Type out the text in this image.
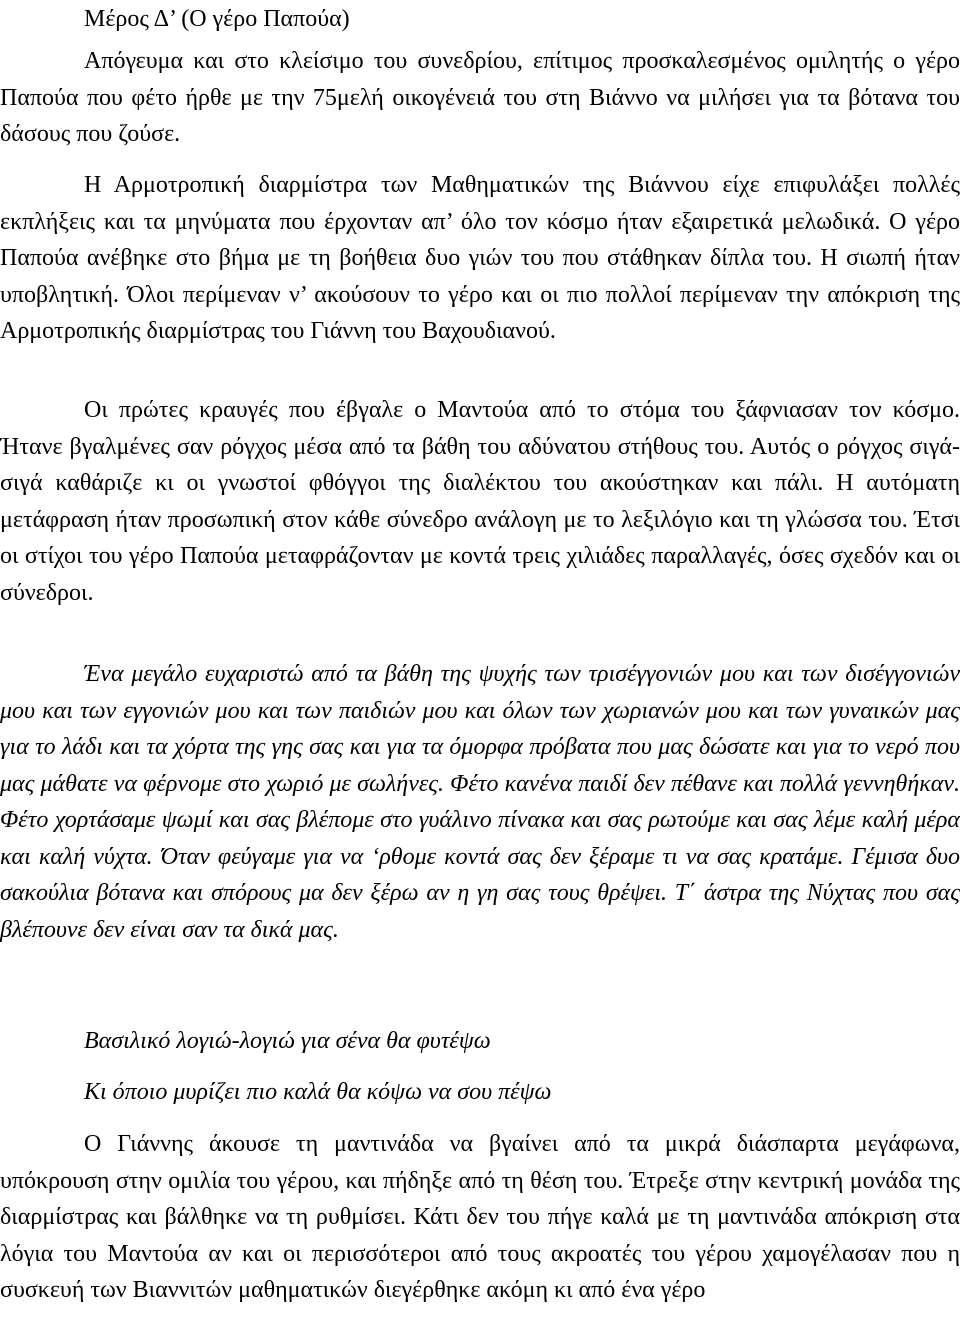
Μέρος Δ’ (Ο γέρο Παπούα)

Απόγευμα και στο κλείσιμο του συνεδρίου, επίτιμος προσκαλεσμένος ομιλητής ο γέρο Παπούα που φέτο ήρθε με την 75μελή οικογένειά του στη Βιάννο να μιλήσει για τα βότανα του δάσους που ζούσε.

Η Αρμοτροπική διαρμίστρα των Μαθηματικών της Βιάννου είχε επιφυλάξει πολλές εκπλήξεις και τα μηνύματα που έρχονταν απ’ όλο τον κόσμο ήταν εξαιρετικά μελωδικά. Ο γέρο Παπούα ανέβηκε στο βήμα με τη βοήθεια δυο γιών του που στάθηκαν δίπλα του. Η σιωπή ήταν υποβλητική. Όλοι περίμεναν ν’ ακούσουν το γέρο και οι πιο πολλοί περίμεναν την απόκριση της Αρμοτροπικής διαρμίστρας του Γιάννη του Βαχουδιανού.

Οι πρώτες κραυγές που έβγαλε ο Μαντούα από το στόμα του ξάφνιασαν τον κόσμο. Ήτανε βγαλμένες σαν ρόγχος μέσα από τα βάθη του αδύνατου στήθους του. Αυτός ο ρόγχος σιγά-σιγά καθάριζε κι οι γνωστοί φθόγγοι της διαλέκτου του ακούστηκαν και πάλι. Η αυτόματη μετάφραση ήταν προσωπική στον κάθε σύνεδρο ανάλογη με το λεξιλόγιο και τη γλώσσα του. Έτσι οι στίχοι του γέρο Παπούα μεταφράζονταν με κοντά τρεις χιλιάδες παραλλαγές, όσες σχεδόν και οι σύνεδροι.

Ένα μεγάλο ευχαριστώ από τα βάθη της ψυχής των τρισέγγονιών μου και των δισέγγονιών μου και των εγγονιών μου και των παιδιών μου και όλων των χωριανών μου και των γυναικών μας για το λάδι και τα χόρτα της γης σας και για τα όμορφα πρόβατα που μας δώσατε και για το νερό που μας μάθατε να φέρνομε στο χωριό με σωλήνες. Φέτο κανένα παιδί δεν πέθανε και πολλά γεννηθήκαν. Φέτο χορτάσαμε ψωμί και σας βλέπομε στο γυάλινο πίνακα και σας ρωτούμε και σας λέμε καλή μέρα και καλή νύχτα. Όταν φεύγαμε για να ‘ρθομε κοντά σας δεν ξέραμε τι να σας κρατάμε. Γέμισα δυο σακούλια βότανα και σπόρους μα δεν ξέρω αν η γη σας τους θρέψει. Τ΄ άστρα της Νύχτας που σας βλέπουνε δεν είναι σαν τα δικά μας.

Βασιλικό λογιώ-λογιώ για σένα θα φυτέψω
Κι όποιο μυρίζει πιο καλά θα κόψω να σου πέψω

Ο Γιάννης άκουσε τη μαντινάδα να βγαίνει από τα μικρά διάσπαρτα μεγάφωνα, υπόκρουση στην ομιλία του γέρου, και πήδηξε από τη θέση του. Έτρεξε στην κεντρική μονάδα της διαρμίστρας και βάλθηκε να τη ρυθμίσει. Κάτι δεν του πήγε καλά με τη μαντινάδα απόκριση στα λόγια του Μαντούα αν και οι περισσότεροι από τους ακροατές του γέρου χαμογέλασαν που η συσκευή των Βιαννιτών μαθηματικών διεγέρθηκε ακόμη κι από ένα γέρο
